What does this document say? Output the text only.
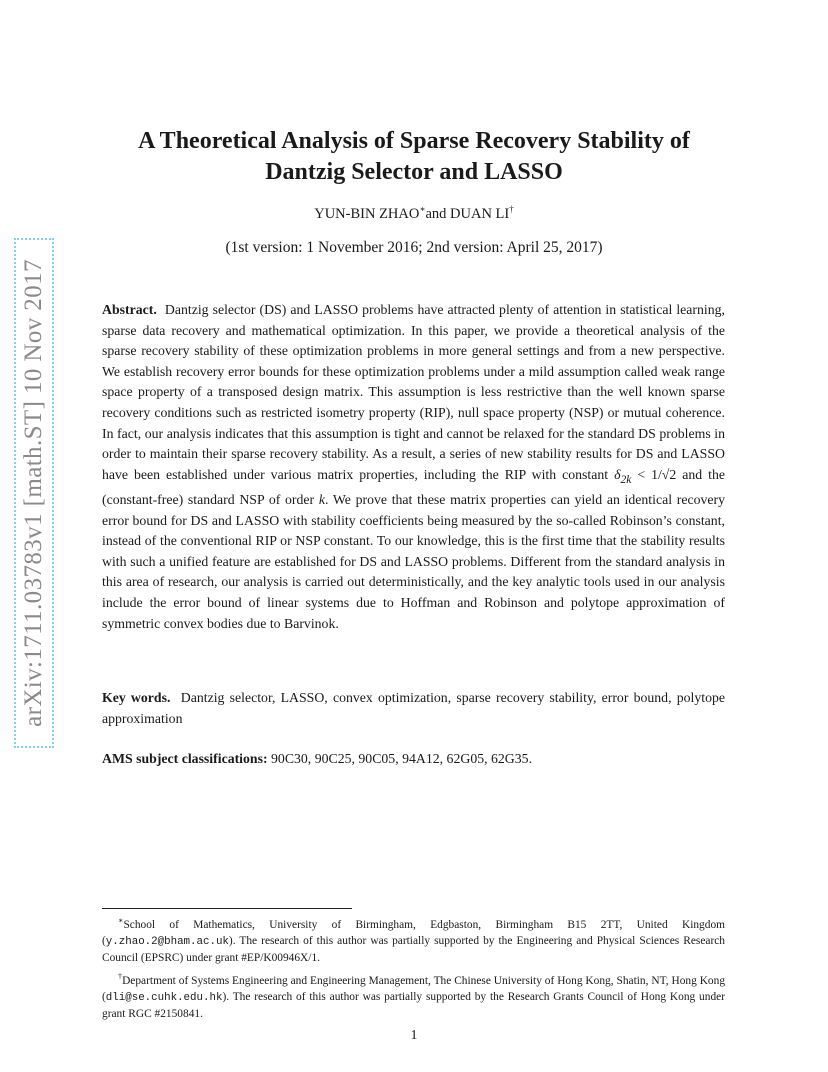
arXiv:1711.03783v1 [math.ST] 10 Nov 2017
A Theoretical Analysis of Sparse Recovery Stability of
Dantzig Selector and LASSO

YUN-BIN ZHAO∗and DUAN LI†

(1st version: 1 November 2016; 2nd version: April 25, 2017)

Abstract. Dantzig selector (DS) and LASSO problems have attracted plenty of attention in statistical learning, sparse data recovery and mathematical optimization. In this paper, we provide a theoretical analysis of the sparse recovery stability of these optimization problems in more general settings and from a new perspective. We establish recovery error bounds for these optimization problems under a mild assumption called weak range space property of a transposed design matrix. This assumption is less restrictive than the well known sparse recovery conditions such as restricted isometry property (RIP), null space property (NSP) or mutual coherence. In fact, our analysis indicates that this assumption is tight and cannot be relaxed for the standard DS problems in order to maintain their sparse recovery stability. As a result, a series of new stability results for DS and LASSO have been established under various matrix properties, including the RIP with constant $\delta_{2k} < 1/√2$ and the (constant-free) standard NSP of order k. We prove that these matrix properties can yield an identical recovery error bound for DS and LASSO with stability coefficients being measured by the so-called Robinson’s constant, instead of the conventional RIP or NSP constant. To our knowledge, this is the first time that the stability results with such a unified feature are established for DS and LASSO problems. Different from the standard analysis in this area of research, our analysis is carried out deterministically, and the key analytic tools used in our analysis include the error bound of linear systems due to Hoffman and Robinson and polytope approximation of symmetric convex bodies due to Barvinok.

Key words. Dantzig selector, LASSO, convex optimization, sparse recovery stability, error bound, polytope approximation

AMS subject classifications: 90C30, 90C25, 90C05, 94A12, 62G05, 62G35.

∗School of Mathematics, University of Birmingham, Edgbaston, Birmingham B15 2TT, United Kingdom (y.zhao.2@bham.ac.uk). The research of this author was partially supported by the Engineering and Physical Sciences Research Council (EPSRC) under grant #EP/K00946X/1.

†Department of Systems Engineering and Engineering Management, The Chinese University of Hong Kong, Shatin, NT, Hong Kong (dli@se.cuhk.edu.hk). The research of this author was partially supported by the Research Grants Council of Hong Kong under grant RGC #2150841.

1
